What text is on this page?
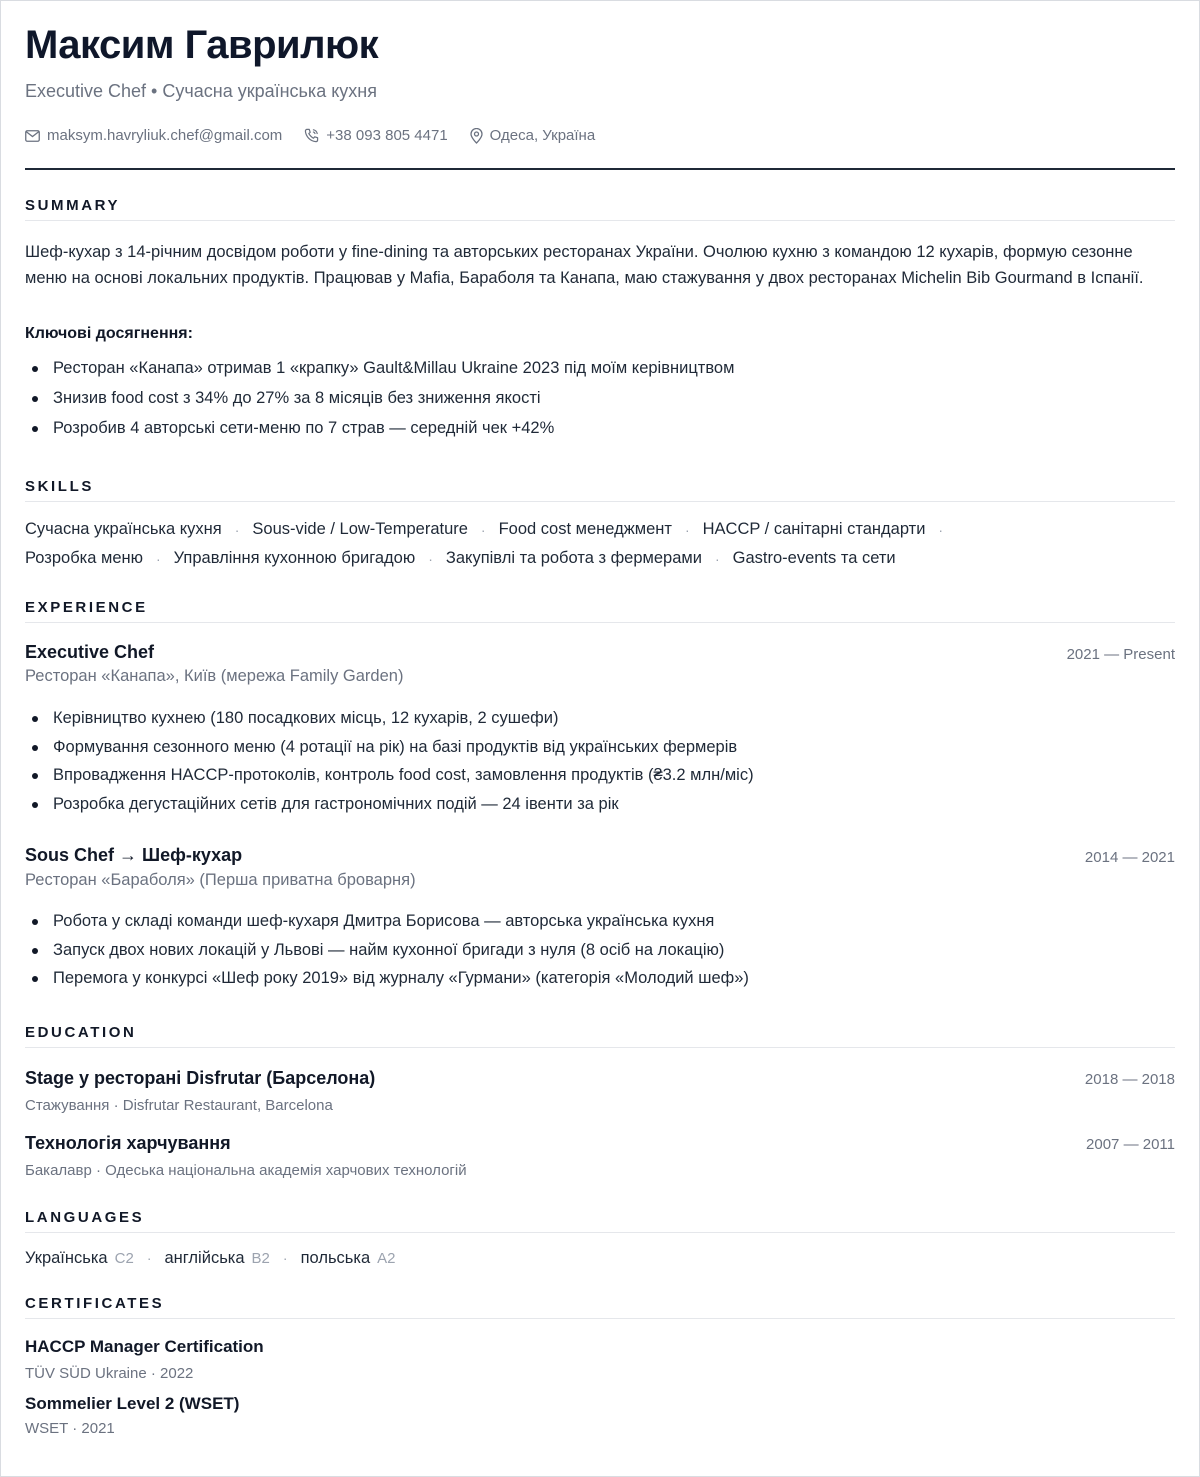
Максим Гаврилюк
Executive Chef • Сучасна українська кухня
maksym.havryliuk.chef@gmail.com	+38 093 805 4471	Одеса, Україна
SUMMARY
Шеф-кухар з 14-річним досвідом роботи у fine-dining та авторських ресторанах України. Очолюю кухню з командою 12 кухарів, формую сезонне меню на основі локальних продуктів. Працював у Mafia, Бараболя та Канапа, маю стажування у двох ресторанах Michelin Bib Gourmand в Іспанії.
Ключові досягнення:
Ресторан «Канапа» отримав 1 «крапку» Gault&Millau Ukraine 2023 під моїм керівництвом
Знизив food cost з 34% до 27% за 8 місяців без зниження якості
Розробив 4 авторські сети-меню по 7 страв — середній чек +42%
SKILLS
Сучасна українська кухня · Sous-vide / Low-Temperature · Food cost менеджмент · HACCP / санітарні стандарти ·
Розробка меню · Управління кухонною бригадою · Закупівлі та робота з фермерами · Gastro-events та сети
EXPERIENCE
Executive Chef	2021 — Present
Ресторан «Канапа», Київ (мережа Family Garden)
Керівництво кухнею (180 посадкових місць, 12 кухарів, 2 сушефи)
Формування сезонного меню (4 ротації на рік) на базі продуктів від українських фермерів
Впровадження HACCP-протоколів, контроль food cost, замовлення продуктів (₴3.2 млн/міс)
Розробка дегустаційних сетів для гастрономічних подій — 24 івенти за рік
Sous Chef → Шеф-кухар	2014 — 2021
Ресторан «Бараболя» (Перша приватна броварня)
Робота у складі команди шеф-кухаря Дмитра Борисова — авторська українська кухня
Запуск двох нових локацій у Львові — найм кухонної бригади з нуля (8 осіб на локацію)
Перемога у конкурсі «Шеф року 2019» від журналу «Гурмани» (категорія «Молодий шеф»)
EDUCATION
Stage у ресторані Disfrutar (Барселона)	2018 — 2018
Стажування · Disfrutar Restaurant, Barcelona
Технологія харчування	2007 — 2011
Бакалавр · Одеська національна академія харчових технологій
LANGUAGES
Українська C2 · англійська B2 · польська A2
CERTIFICATES
HACCP Manager Certification
TÜV SÜD Ukraine · 2022
Sommelier Level 2 (WSET)
WSET · 2021
